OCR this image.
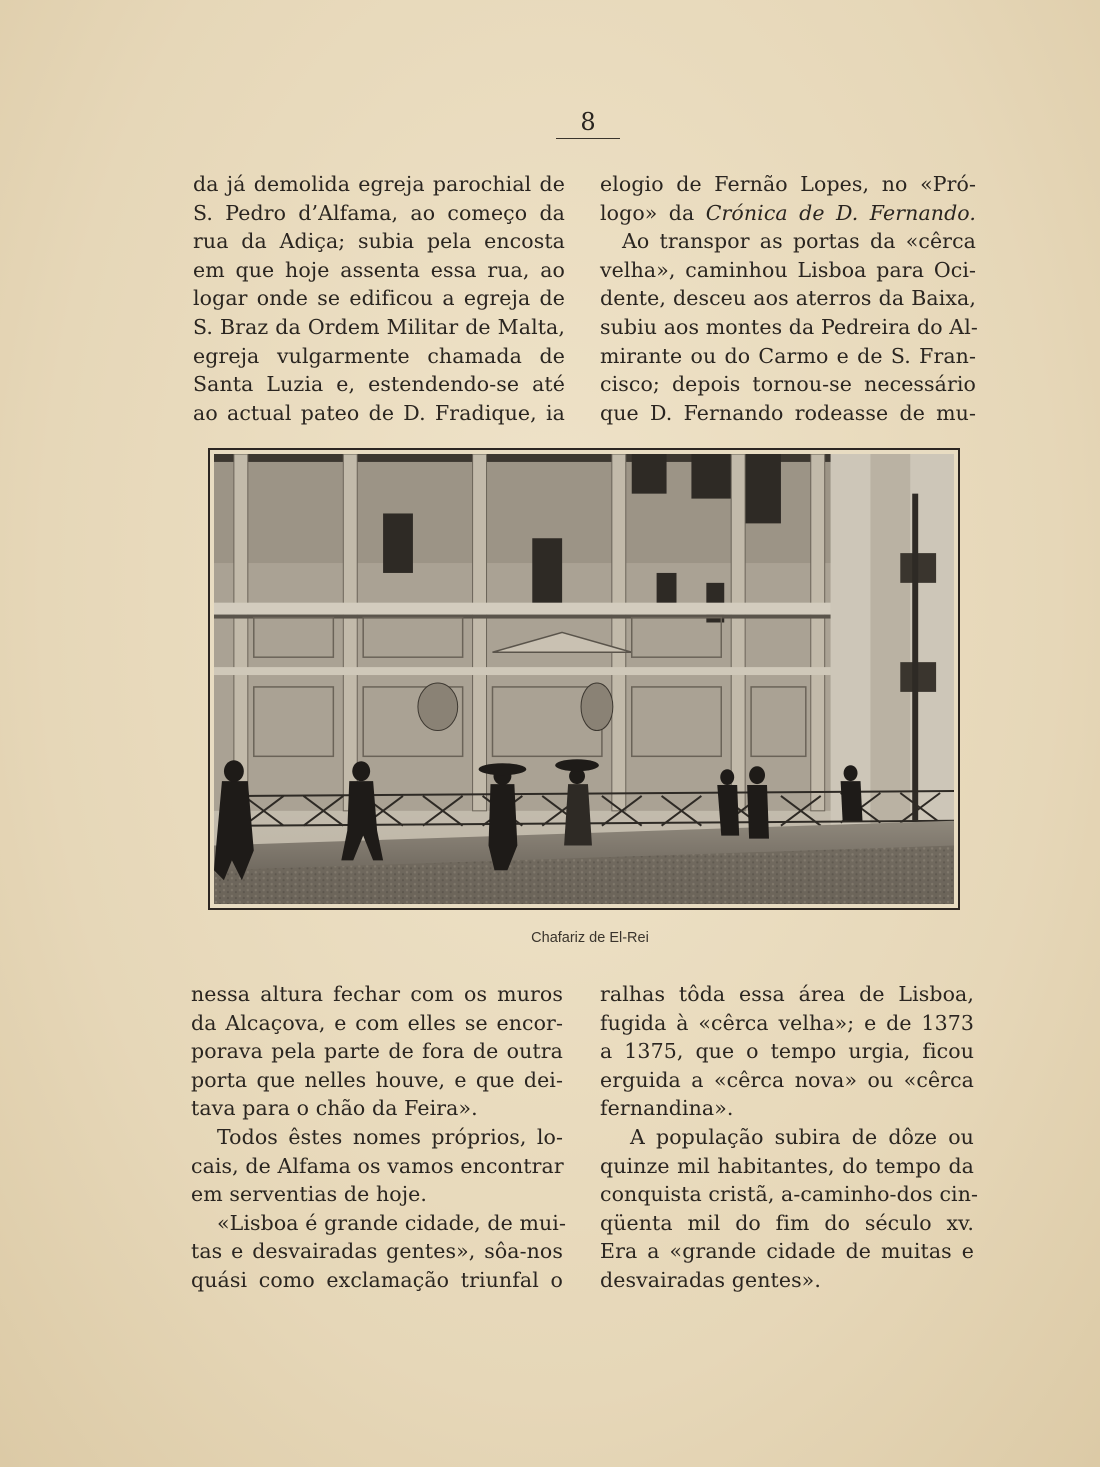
8
da já demolida egreja parochial de
S. Pedro d’Alfama, ao começo da
rua da Adiça; subia pela encosta
em que hoje assenta essa rua, ao
logar onde se edificou a egreja de
S. Braz da Ordem Militar de Malta,
egreja vulgarmente chamada de
Santa Luzia e, estendendo-se até
ao actual pateo de D. Fradique, ia
elogio de Fernão Lopes, no «Pró-
logo» da Crónica de D. Fernando.
Ao transpor as portas da «cêrca
velha», caminhou Lisboa para Oci-
dente, desceu aos aterros da Baixa,
subiu aos montes da Pedreira do Al-
mirante ou do Carmo e de S. Fran-
cisco; depois tornou-se necessário
que D. Fernando rodeasse de mu-
Chafariz de El-Rei
nessa altura fechar com os muros
da Alcaçova, e com elles se encor-
porava pela parte de fora de outra
porta que nelles houve, e que dei-
tava para o chão da Feira».
Todos êstes nomes próprios, lo-
cais, de Alfama os vamos encontrar
em serventias de hoje.
«Lisboa é grande cidade, de mui-
tas e desvairadas gentes», sôa-nos
quási como exclamação triunfal o
ralhas tôda essa área de Lisboa,
fugida à «cêrca velha»; e de 1373
a 1375, que o tempo urgia, ficou
erguida a «cêrca nova» ou «cêrca
fernandina».
A população subira de dôze ou
quinze mil habitantes, do tempo da
conquista cristã, a-caminho-dos cin-
qüenta mil do fim do século xv.
Era a «grande cidade de muitas e
desvairadas gentes».
